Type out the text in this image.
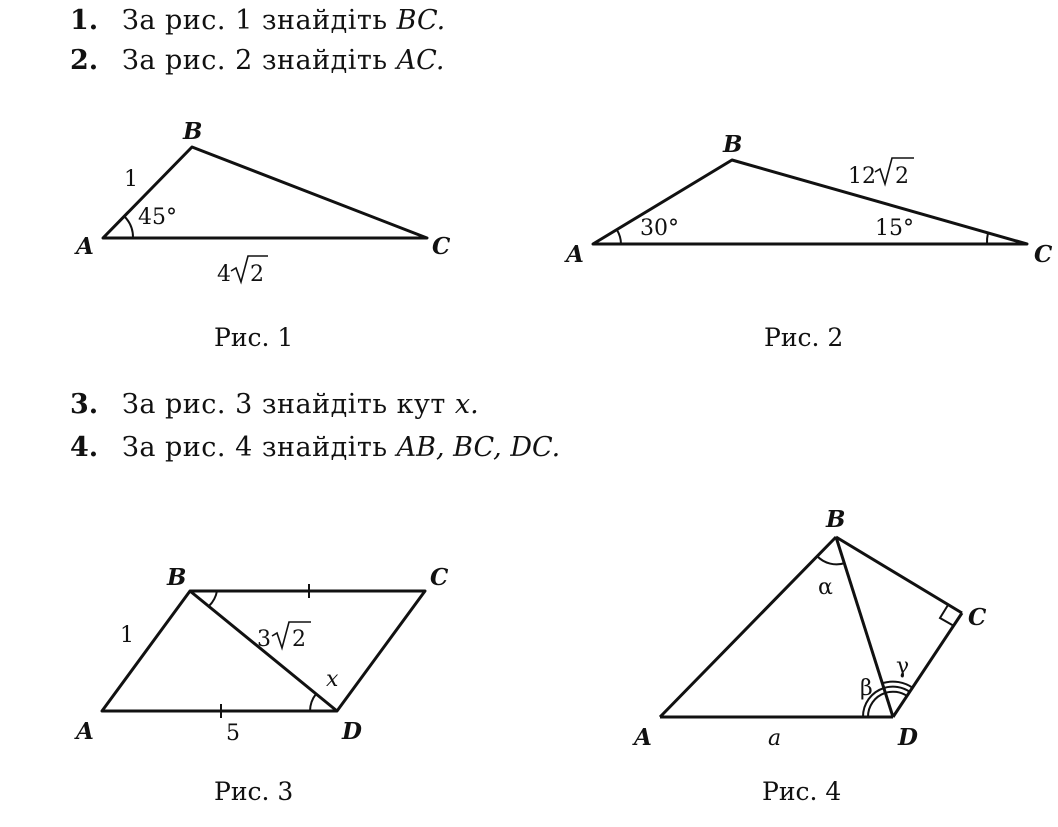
1. За рис. 1 знайдіть BC.
2. За рис. 2 знайдіть AC.
3. За рис. 3 знайдіть кут x.
4. За рис. 4 знайдіть AB, BC, DC.
A
B
C
1
45°
4 2
Рис. 1
A
B
C
30°	15°
12 2
Рис. 2
A
B	C
D
1
5
3 2
x
Рис. 3
A
B
C
D
α
β
γ
a
Рис. 4
